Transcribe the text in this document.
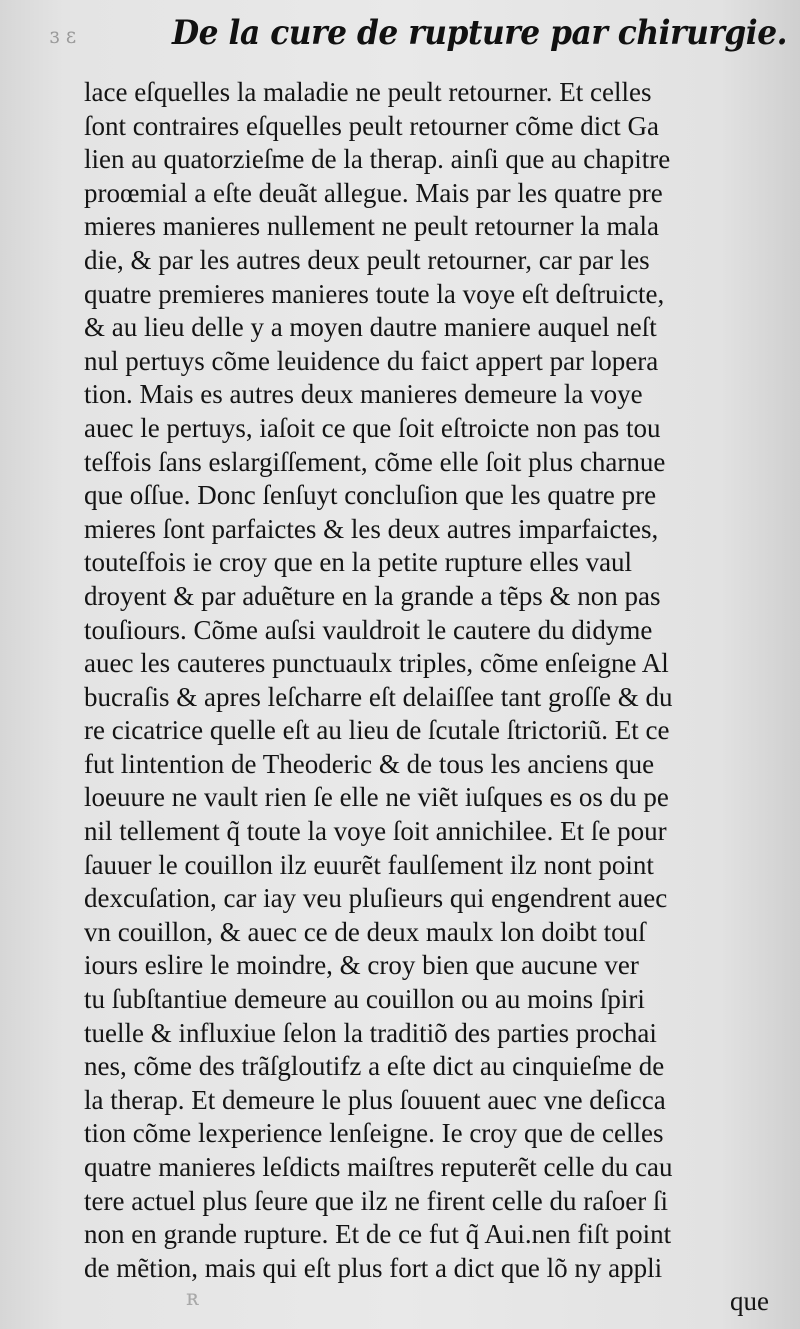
ɜ ɛ	De la cure de rupture par chirurgie.
lace eſquelles la maladie ne peult retourner. Et celles
ſont contraires eſquelles peult retourner cõme dict Ga
lien au quatorzieſme de la therap. ainſi que au chapitre
proœmial a eſte deuãt allegue. Mais par les quatre pre
mieres manieres nullement ne peult retourner la mala
die, & par les autres deux peult retourner, car par les
quatre premieres manieres toute la voye eſt deſtruicte,
& au lieu delle y a moyen dautre maniere auquel neſt
nul pertuys cõme leuidence du faict appert par lopera
tion. Mais es autres deux manieres demeure la voye
auec le pertuys, iaſoit ce que ſoit eſtroicte non pas tou
teſfois ſans eslargiſſement, cõme elle ſoit plus charnue
que oſſue. Donc ſenſuyt concluſion que les quatre pre
mieres ſont parfaictes & les deux autres imparfaictes,
touteſfois ie croy que en la petite rupture elles vaul
droyent & par aduẽture en la grande a tẽps & non pas
touſiours. Cõme auſsi vauldroit le cautere du didyme
auec les cauteres punctuaulx triples, cõme enſeigne Al
bucraſis & apres leſcharre eſt delaiſſee tant groſſe & du
re cicatrice quelle eſt au lieu de ſcutale ſtrictoriũ. Et ce
fut lintention de Theoderic & de tous les anciens que
loeuure ne vault rien ſe elle ne viẽt iuſques es os du pe
nil tellement q̃ toute la voye ſoit annichilee. Et ſe pour
ſauuer le couillon ilz euurẽt faulſement ilz nont point
dexcuſation, car iay veu pluſieurs qui engendrent auec
vn couillon, & auec ce de deux maulx lon doibt touſ
iours eslire le moindre, & croy bien que aucune ver
tu ſubſtantiue demeure au couillon ou au moins ſpiri
tuelle & influxiue ſelon la traditiõ des parties prochai
nes, cõme des trãſgloutifz a eſte dict au cinquieſme de
la therap. Et demeure le plus ſouuent auec vne deſicca
tion cõme lexperience lenſeigne. Ie croy que de celles
quatre manieres leſdicts maiſtres reputerẽt celle du cau
tere actuel plus ſeure que ilz ne firent celle du raſoer ſi
non en grande rupture. Et de ce fut q̃ Aui.nen fiſt point
de mẽtion, mais qui eſt plus fort a dict que lõ ny appli
ʀ	que
